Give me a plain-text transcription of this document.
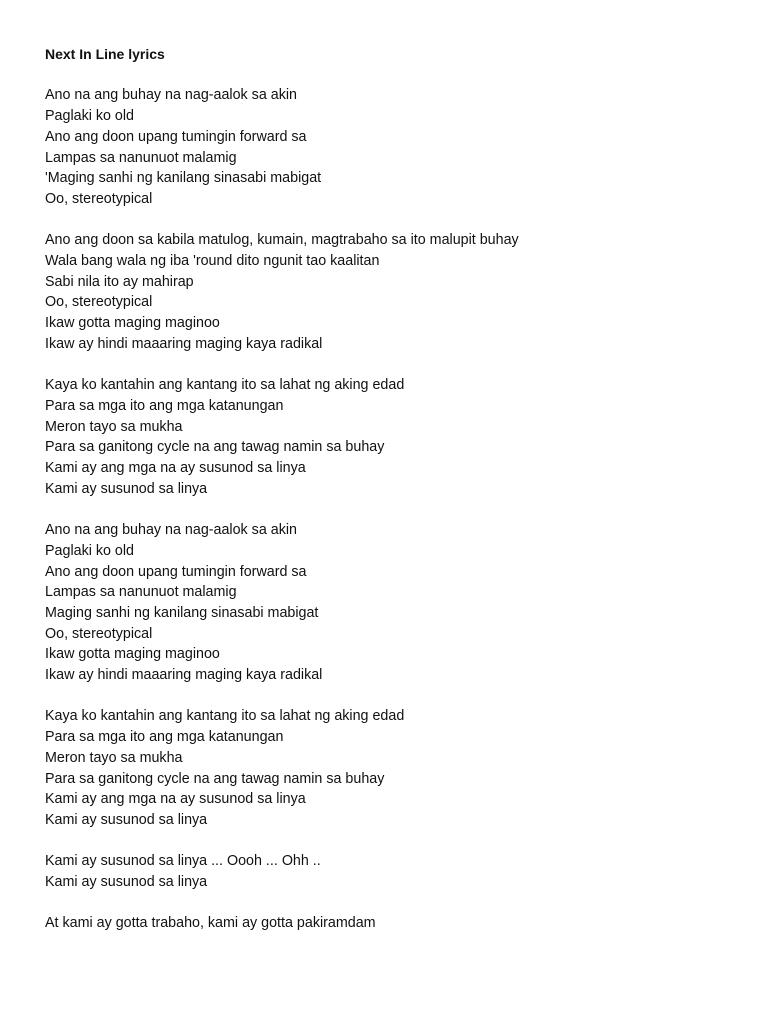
Next In Line lyrics
Ano na ang buhay na nag-aalok sa akin
Paglaki ko old
Ano ang doon upang tumingin forward sa
Lampas sa nanunuot malamig
'Maging sanhi ng kanilang sinasabi mabigat
Oo, stereotypical
Ano ang doon sa kabila matulog, kumain, magtrabaho sa ito malupit buhay
Wala bang wala ng iba 'round dito ngunit tao kaalitan
Sabi nila ito ay mahirap
Oo, stereotypical
Ikaw gotta maging maginoo
Ikaw ay hindi maaaring maging kaya radikal
Kaya ko kantahin ang kantang ito sa lahat ng aking edad
Para sa mga ito ang mga katanungan
Meron tayo sa mukha
Para sa ganitong cycle na ang tawag namin sa buhay
Kami ay ang mga na ay susunod sa linya
Kami ay susunod sa linya
Ano na ang buhay na nag-aalok sa akin
Paglaki ko old
Ano ang doon upang tumingin forward sa
Lampas sa nanunuot malamig
Maging sanhi ng kanilang sinasabi mabigat
Oo, stereotypical
Ikaw gotta maging maginoo
Ikaw ay hindi maaaring maging kaya radikal
Kaya ko kantahin ang kantang ito sa lahat ng aking edad
Para sa mga ito ang mga katanungan
Meron tayo sa mukha
Para sa ganitong cycle na ang tawag namin sa buhay
Kami ay ang mga na ay susunod sa linya
Kami ay susunod sa linya
Kami ay susunod sa linya ... Oooh ... Ohh ..
Kami ay susunod sa linya
At kami ay gotta trabaho, kami ay gotta pakiramdam
